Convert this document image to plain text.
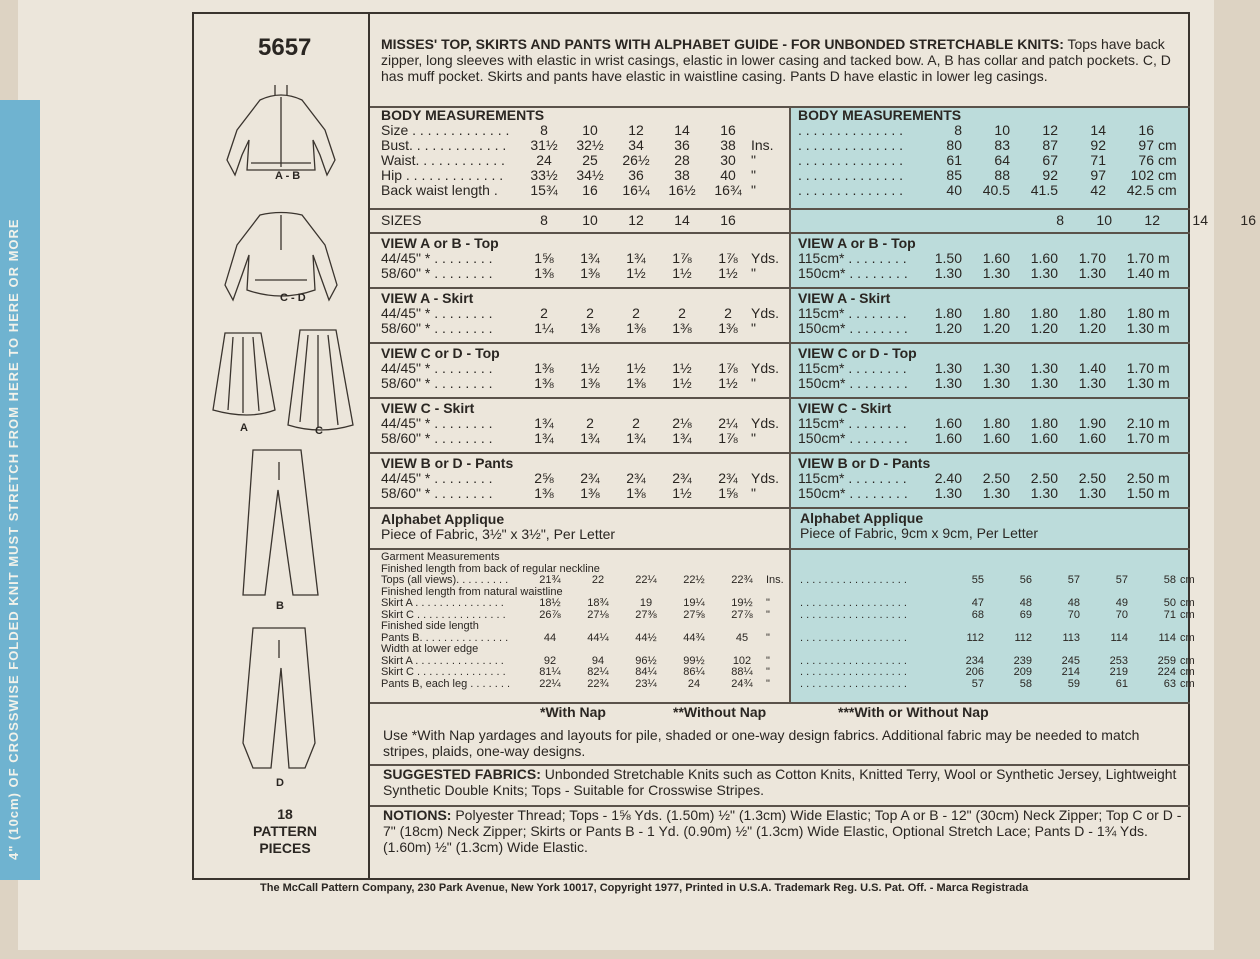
4" (10cm) OF CROSSWISE FOLDED KNIT MUST STRETCH FROM HERE TO HERE OR MORE
5657
A - B
C - D
A	C
B
D
18
PATTERN
PIECES
MISSES' TOP, SKIRTS AND PANTS WITH ALPHABET GUIDE - FOR UNBONDED STRETCHABLE KNITS: Tops have back zipper, long sleeves with elastic in wrist casings, elastic in lower casing and tacked bow. A, B has collar and patch pockets. C, D has muff pocket. Skirts and pants have elastic in waistline casing. Pants D have elastic in lower leg casings.
BODY MEASUREMENTS
Size . . . . . . . . . . . . .	8	10	12	14	16
Bust. . . . . . . . . . . . .	31½	32½	34	36	38	Ins.
Waist. . . . . . . . . . . .	24	25	26½	28	30	"
Hip . . . . . . . . . . . . .	33½	34½	36	38	40	"
Back waist length .	15¾	16	16¼	16½	16¾ "
BODY MEASUREMENTS
. . . . . . . . . . . . . .	8	10	12	14	16
. . . . . . . . . . . . . .	80	83	87	92	97 cm
. . . . . . . . . . . . . .	61	64	67	71	76 cm
. . . . . . . . . . . . . .	85	88	92	97	102 cm
. . . . . . . . . . . . . .	40	40.5	41.5	42	42.5 cm
SIZES	8	10	12	14	16	8	10	12	14	16
VIEW A or B - Top
44/45" * . . . . . . . .	1⅝	1¾	1¾	1⅞	1⅞ Yds.
58/60" * . . . . . . . .	1⅜	1⅜	1½	1½	1½ "
VIEW A - Skirt
44/45" * . . . . . . . .	2	2	2	2	2	Yds.
58/60" * . . . . . . . .	1¼	1⅜	1⅜	1⅜	1⅜ "
VIEW C or D - Top
44/45" * . . . . . . . .	1⅜	1½	1½	1½	1⅞ Yds.
58/60" * . . . . . . . .	1⅜	1⅜	1⅜	1½	1½ "
VIEW C - Skirt
44/45" * . . . . . . . .	1¾	2	2	2⅛	2¼ Yds.
58/60" * . . . . . . . .	1¾	1¾	1¾	1¾	1⅞ "
VIEW B or D - Pants
44/45" * . . . . . . . .	2⅝	2¾	2¾	2¾	2¾ Yds.
58/60" * . . . . . . . .	1⅜	1⅜	1⅜	1½	1⅝ "
VIEW A or B - Top
115cm* . . . . . . . .	1.50	1.60	1.60	1.70	1.70 m
150cm* . . . . . . . .	1.30	1.30	1.30	1.30	1.40 m
VIEW A - Skirt
115cm* . . . . . . . .	1.80	1.80	1.80	1.80	1.80 m
150cm* . . . . . . . .	1.20	1.20	1.20	1.20	1.30 m
VIEW C or D - Top
115cm* . . . . . . . .	1.30	1.30	1.30	1.40	1.70 m
150cm* . . . . . . . .	1.30	1.30	1.30	1.30	1.30 m
VIEW C - Skirt
115cm* . . . . . . . .	1.60	1.80	1.80	1.90	2.10 m
150cm* . . . . . . . .	1.60	1.60	1.60	1.60	1.70 m
VIEW B or D - Pants
115cm* . . . . . . . .	2.40	2.50	2.50	2.50	2.50 m
150cm* . . . . . . . .	1.30	1.30	1.30	1.30	1.50 m
Alphabet Applique
Piece of Fabric, 3½" x 3½", Per Letter
Alphabet Applique
Piece of Fabric, 9cm x 9cm, Per Letter
Garment Measurements
Finished length from back of regular neckline
Tops (all views). . . . . . . . .	21¾	22	22¼	22½	22¾	Ins.
Finished length from natural waistline
Skirt A . . . . . . . . . . . . . . .	18½	18¾	19	19¼	19½	"
Skirt C . . . . . . . . . . . . . . .	26⅞	27⅛	27⅜	27⅝	27⅞	"
Finished side length
Pants B. . . . . . . . . . . . . . .	44	44¼	44½	44¾	45	"
Width at lower edge
Skirt A . . . . . . . . . . . . . . .	92	94	96½	99½	102	"
Skirt C . . . . . . . . . . . . . . .	81¼	82¼	84¼	86¼	88¼	"
Pants B, each leg . . . . . . .	22¼	22¾	23¼	24	24¾	"
. . . . . . . . . . . . . . . . . .	55	56	57	57	58 cm
. . . . . . . . . . . . . . . . . .	47	48	48	49	50 cm
. . . . . . . . . . . . . . . . . .	68	69	70	70	71 cm
. . . . . . . . . . . . . . . . . .	112	112	113	114	114 cm
. . . . . . . . . . . . . . . . . .	234	239	245	253	259 cm
. . . . . . . . . . . . . . . . . .	206	209	214	219	224 cm
. . . . . . . . . . . . . . . . . .	57	58	59	61	63 cm
*With Nap	**Without Nap	***With or Without Nap
Use *With Nap yardages and layouts for pile, shaded or one-way design fabrics. Additional fabric may be needed to match stripes, plaids, one-way designs.
SUGGESTED FABRICS: Unbonded Stretchable Knits such as Cotton Knits, Knitted Terry, Wool or Synthetic Jersey, Lightweight Synthetic Double Knits; Tops - Suitable for Crosswise Stripes.
NOTIONS: Polyester Thread; Tops - 1⅝ Yds. (1.50m) ½" (1.3cm) Wide Elastic; Top A or B - 12" (30cm) Neck Zipper; Top C or D - 7" (18cm) Neck Zipper; Skirts or Pants B - 1 Yd. (0.90m) ½" (1.3cm) Wide Elastic, Optional Stretch Lace; Pants D - 1¾ Yds. (1.60m) ½" (1.3cm) Wide Elastic.
The McCall Pattern Company, 230 Park Avenue, New York 10017, Copyright 1977, Printed in U.S.A. Trademark Reg. U.S. Pat. Off. - Marca Registrada
